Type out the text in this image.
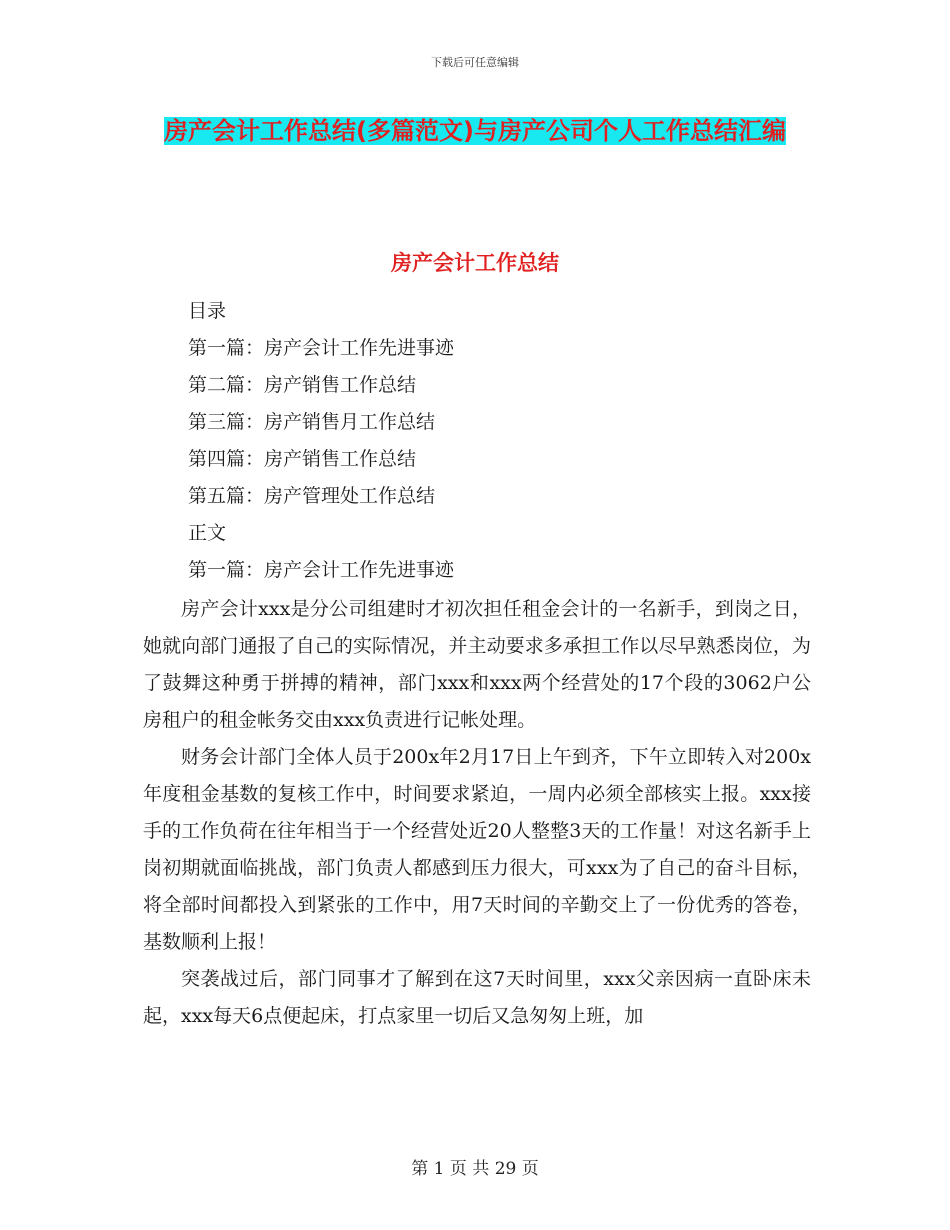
下载后可任意编辑
房产会计工作总结(多篇范文)与房产公司个人工作总结汇编
房产会计工作总结
目录
第一篇：房产会计工作先进事迹
第二篇：房产销售工作总结
第三篇：房产销售月工作总结
第四篇：房产销售工作总结
第五篇：房产管理处工作总结
正文
第一篇：房产会计工作先进事迹

房产会计xxx是分公司组建时才初次担任租金会计的一名新手，到岗之日，她就向部门通报了自己的实际情况，并主动要求多承担工作以尽早熟悉岗位，为了鼓舞这种勇于拼搏的精神，部门xxx和xxx两个经营处的17个段的3062户公房租户的租金帐务交由xxx负责进行记帐处理。

财务会计部门全体人员于200x年2月17日上午到齐，下午立即转入对200x年度租金基数的复核工作中，时间要求紧迫，一周内必须全部核实上报。xxx接手的工作负荷在往年相当于一个经营处近20人整整3天的工作量！对这名新手上岗初期就面临挑战，部门负责人都感到压力很大，可xxx为了自己的奋斗目标，将全部时间都投入到紧张的工作中，用7天时间的辛勤交上了一份优秀的答卷，基数顺利上报！

突袭战过后，部门同事才了解到在这7天时间里，xxx父亲因病一直卧床未起，xxx每天6点便起床，打点家里一切后又急匆匆上班，加

第 1 页 共 29 页
